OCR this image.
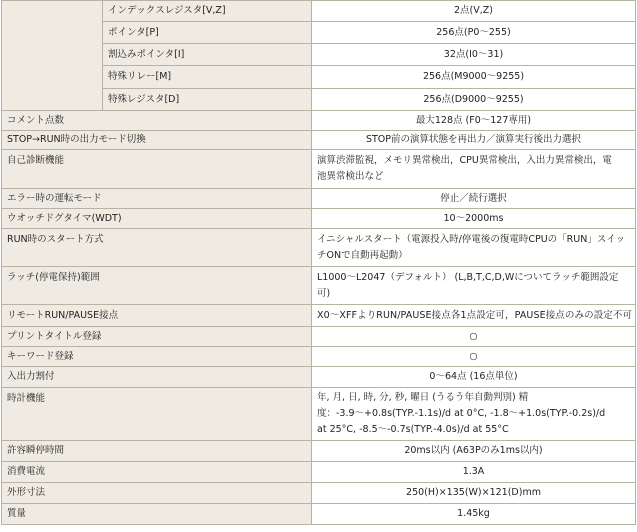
	インデックスレジスタ[V,Z]	2点(V,Z)
	ポインタ[P]	256点(P0～255)
	割込みポインタ[I]	32点(I0～31)
	特殊リレー[M]	256点(M9000～9255)
	特殊レジスタ[D]	256点(D9000～9255)
コメント点数		最大128点 (F0～127専用)
STOP→RUN時の出力モード切換		STOP前の演算状態を再出力／演算実行後出力選択
自己診断機能		演算渋滞監視，メモリ異常検出，CPU異常検出，入出力異常検出，電
池異常検出など

エラー時の運転モード		停止／続行選択
ウオッチドグタイマ(WDT)		10～2000ms
RUN時のスタート方式		イニシャルスタート（電源投入時/停電後の復電時CPUの「RUN」スイッ
チONで自動再起動）

ラッチ(停電保持)範囲		L1000～L2047（デフォルト） (L,B,T,C,D,Wについてラッチ範囲設定
可)

リモートRUN/PAUSE接点		X0～XFFよりRUN/PAUSE接点各1点設定可，PAUSE接点のみの設定不可
プリントタイトル登録		○
キーワード登録		○
入出力割付		0～64点 (16点単位)
時計機能		年, 月, 日, 時, 分, 秒, 曜日 (うるう年自動判別) 精
度：-3.9～+0.8s(TYP.-1.1s)/d at 0°C, -1.8～+1.0s(TYP.-0.2s)/d
at 25°C, -8.5～-0.7s(TYP.-4.0s)/d at 55°C

許容瞬停時間		20ms以内 (A63Pのみ1ms以内)
消費電流		1.3A
外形寸法		250(H)×135(W)×121(D)mm
質量		1.45kg
